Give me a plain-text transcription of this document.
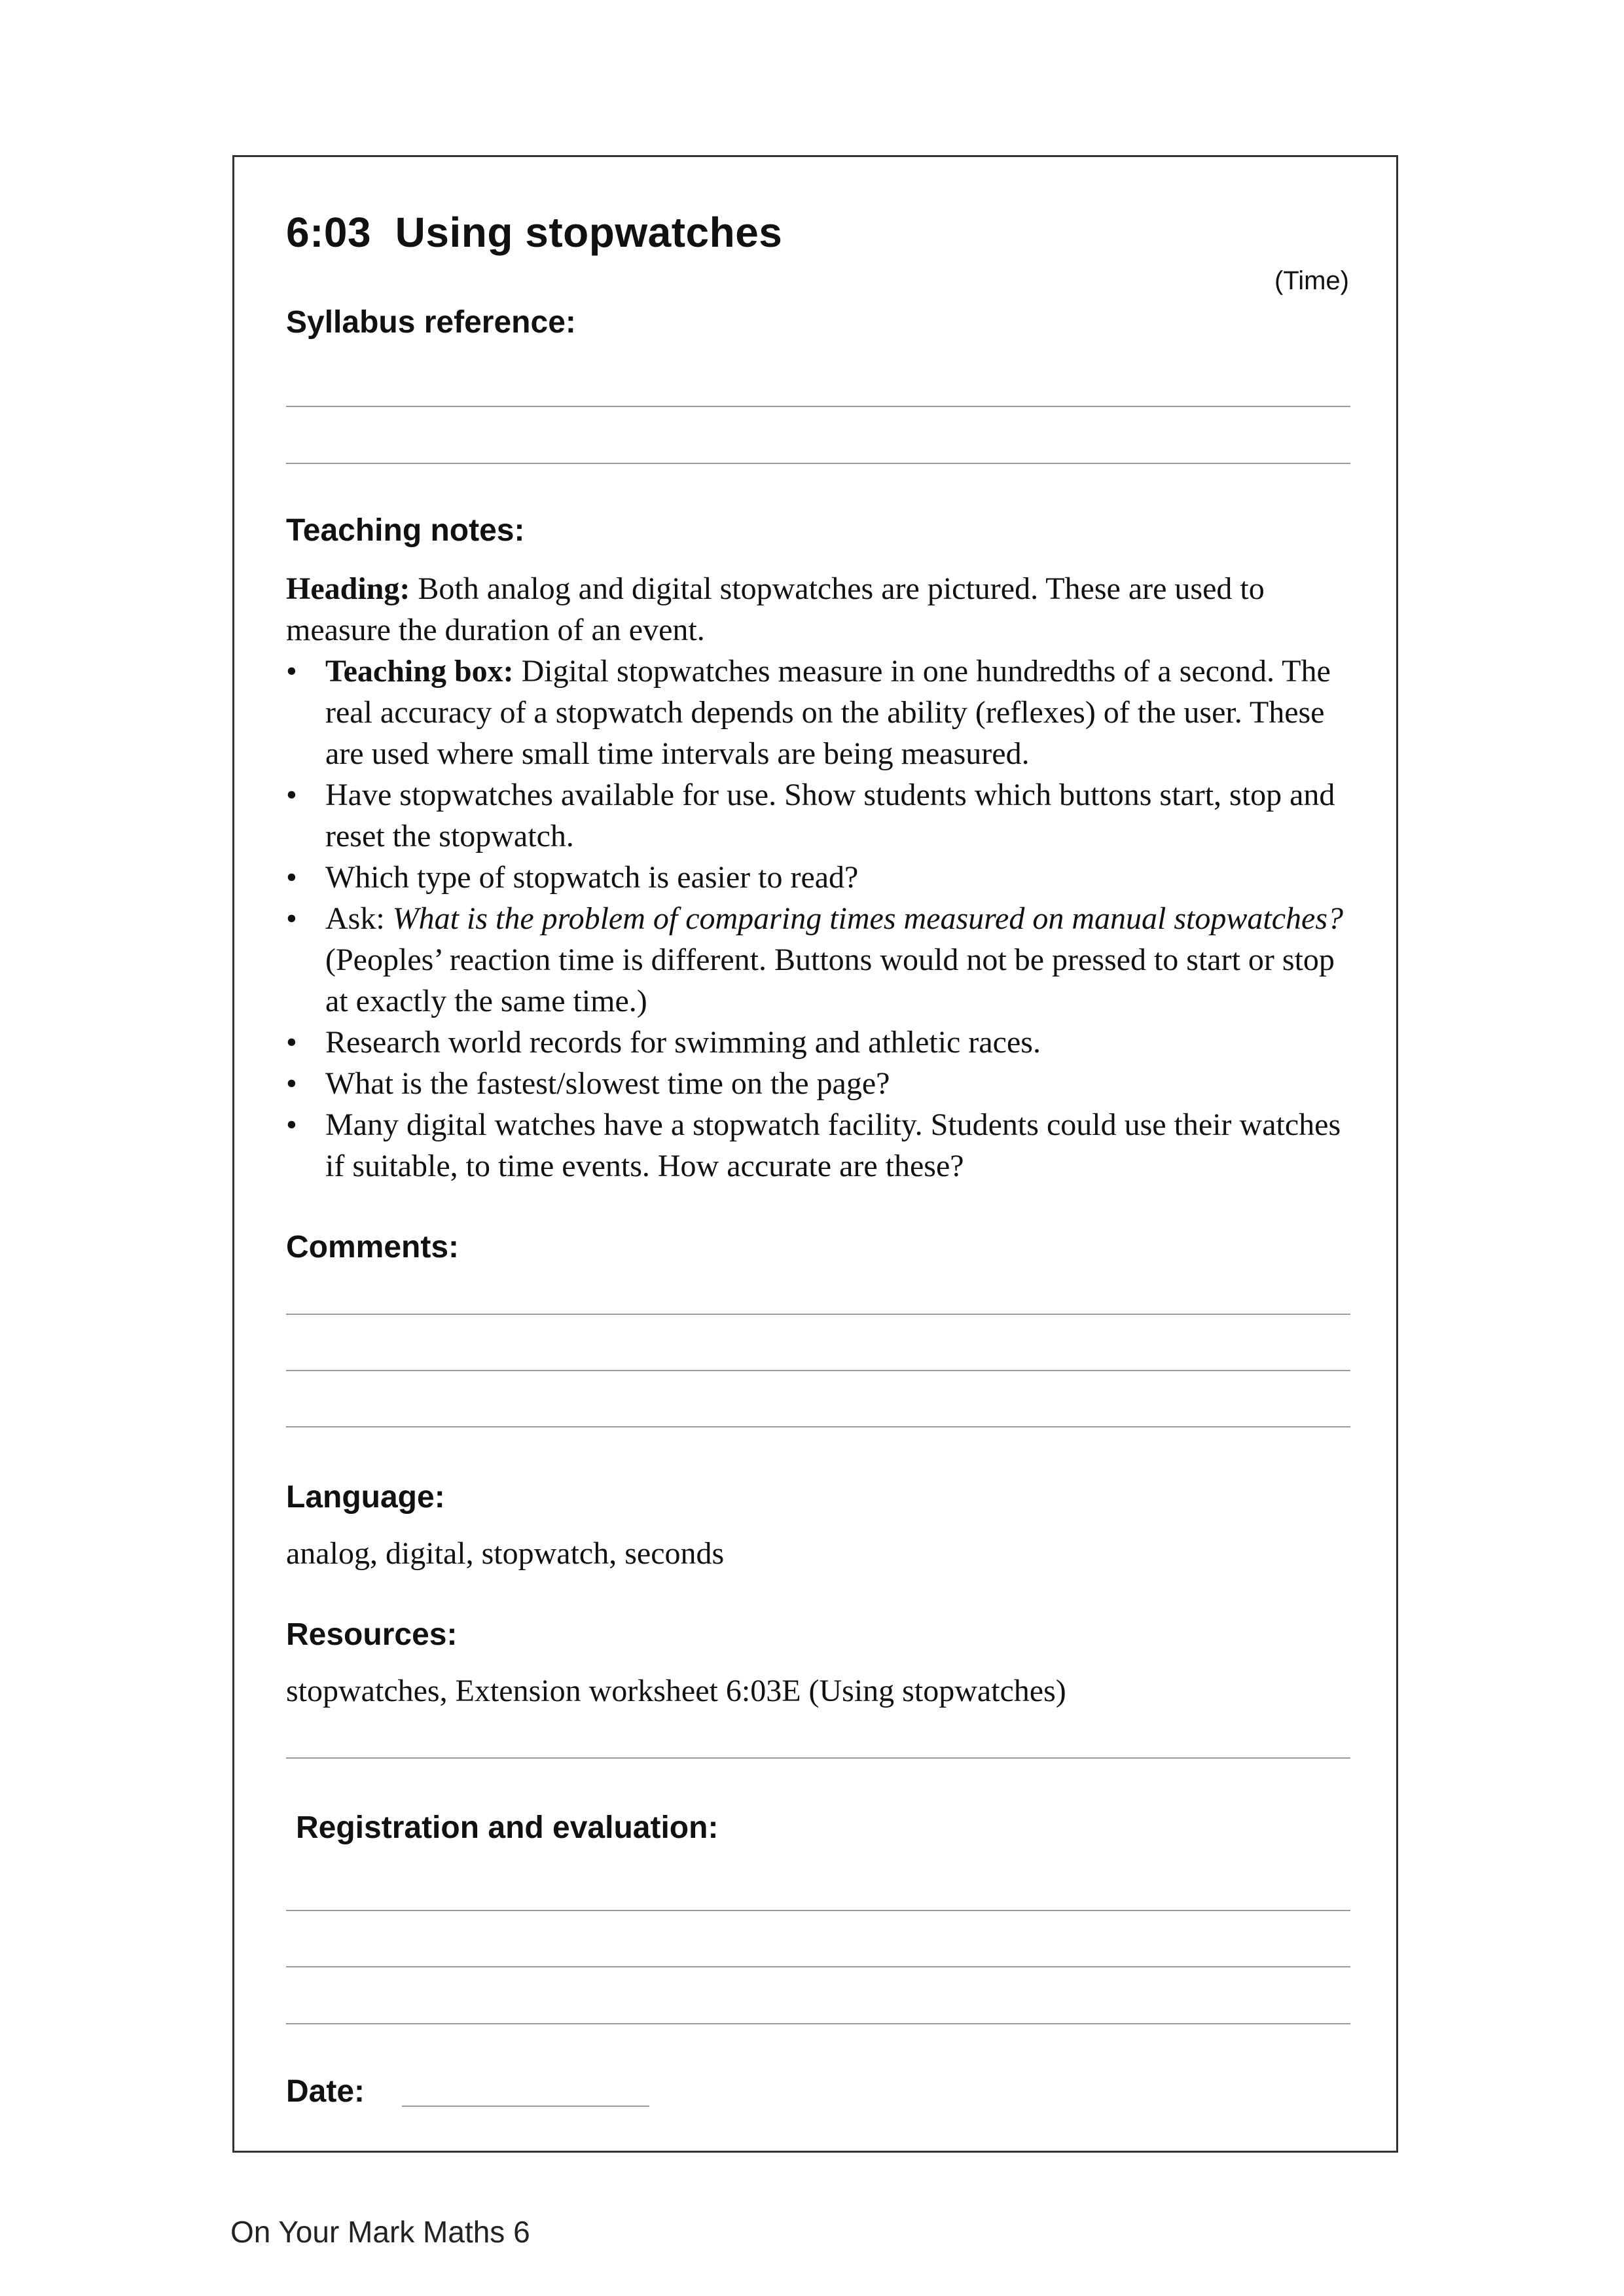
6:03  Using stopwatches
(Time)
Syllabus reference:
Teaching notes:

Heading: Both analog and digital stopwatches are pictured. These are used to measure the duration of an event.

• Teaching box: Digital stopwatches measure in one hundredths of a second. The real accuracy of a stopwatch depends on the ability (reflexes) of the user. These are used where small time intervals are being measured.
• Have stopwatches available for use. Show students which buttons start, stop and reset the stopwatch.
• Which type of stopwatch is easier to read?
• Ask: What is the problem of comparing times measured on manual stopwatches? (Peoples’ reaction time is different. Buttons would not be pressed to start or stop at exactly the same time.)
• Research world records for swimming and athletic races.
• What is the fastest/slowest time on the page?
• Many digital watches have a stopwatch facility. Students could use their watches if suitable, to time events. How accurate are these?
Comments:
Language:
analog, digital, stopwatch, seconds
Resources:
stopwatches, Extension worksheet 6:03E (Using stopwatches)
Registration and evaluation:
Date:
On Your Mark Maths 6
